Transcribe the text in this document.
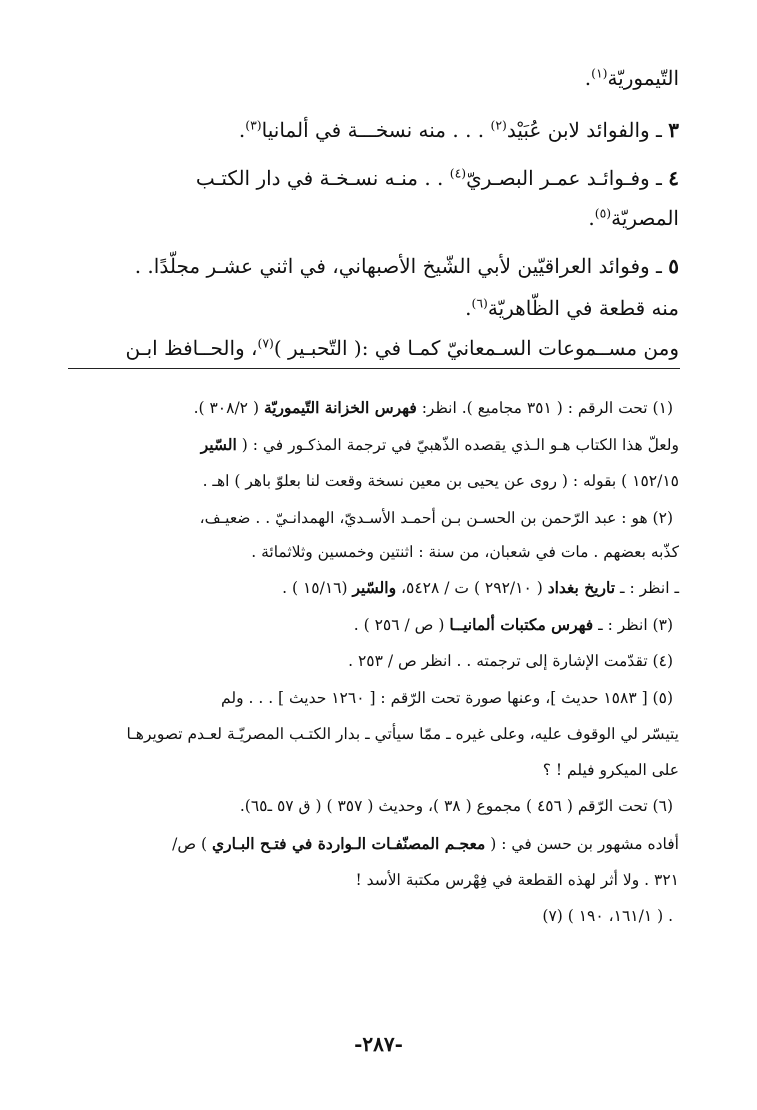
التّيموريّة$^{(١)}$.
٣ ـ والفوائد لابن عُبَيْد$^{(٢)}$ . . . منه نسخـــة في ألمانيا$^{(٣)}$.
٤ ـ وفـوائـد عمـر البصـريّ$^{(٤)}$ . . منـه نسـخـة في دار الكتـب
المصريّة$^{(٥)}$.
٥ ـ وفوائد العراقيّين لأبي الشّيخ الأصبهاني، في اثني عشـر مجلّدًا. .
منه قطعة في الظّاهريّة$^{(٦)}$.
ومن مســموعات السـمعانيّ كمـا في :( التّحبـير )$^{(٧)}$، والحــافظ ابـن
(١) تحت الرقم : ( ٣٥١ مجاميع ). انظر: فهرس الخزانة التّيموريّة ( ٣٠٨/٢ ).
ولعلّ هذا الكتاب هـو الـذي يقصده الذّهبيّ في ترجمة المذكـور في : ( السّير
١٥٢/١٥ ) بقوله : ( روى عن يحيى بن معين نسخة وقعت لنا بعلوّ باهر ) اهـ .
(٢) هو : عبد الرّحمن بن الحسـن بـن أحمـد الأسـديّ، الهمدانـيّ . . ضعيـف،
كذّبه بعضهم . مات في شعبان، من سنة : اثنتين وخمسين وثلاثمائة .
ـ انظر : ـ تاريخ بغداد ( ٢٩٢/١٠ ) ت / ٥٤٢٨، والسّير (١٥/١٦ ) .
(٣) انظر : ـ فهرس مكتبات ألمانيــا ( ص / ٢٥٦ ) .
(٤) تقدّمت الإشارة إلى ترجمته . . انظر ص / ٢٥٣ .
(٥) [ ١٥٨٣ حديث ]، وعنها صورة تحت الرّقم : [ ١٢٦٠ حديث ] . . . ولم
يتيسّر لي الوقوف عليه، وعلى غيره ـ ممّا سيأتي ـ بدار الكتـب المصريّـة لعـدم تصويرهـا
على الميكرو فيلم ! ؟
(٦) تحت الرّقم ( ٤٥٦ ) مجموع ( ٣٨ )، وحديث ( ٣٥٧ ) ( ق ٥٧ ـ٦٥).
أفاده مشهور بن حسن في : ( معجـم المصنّفـات الـواردة في فتـح البـاري ) ص/
٣٢١ . ولا أثر لهذه القطعة في فِهْرس مكتبة الأسد !
(٧) ( ١٦١/١، ١٩٠ ) .
-٢٨٧-
